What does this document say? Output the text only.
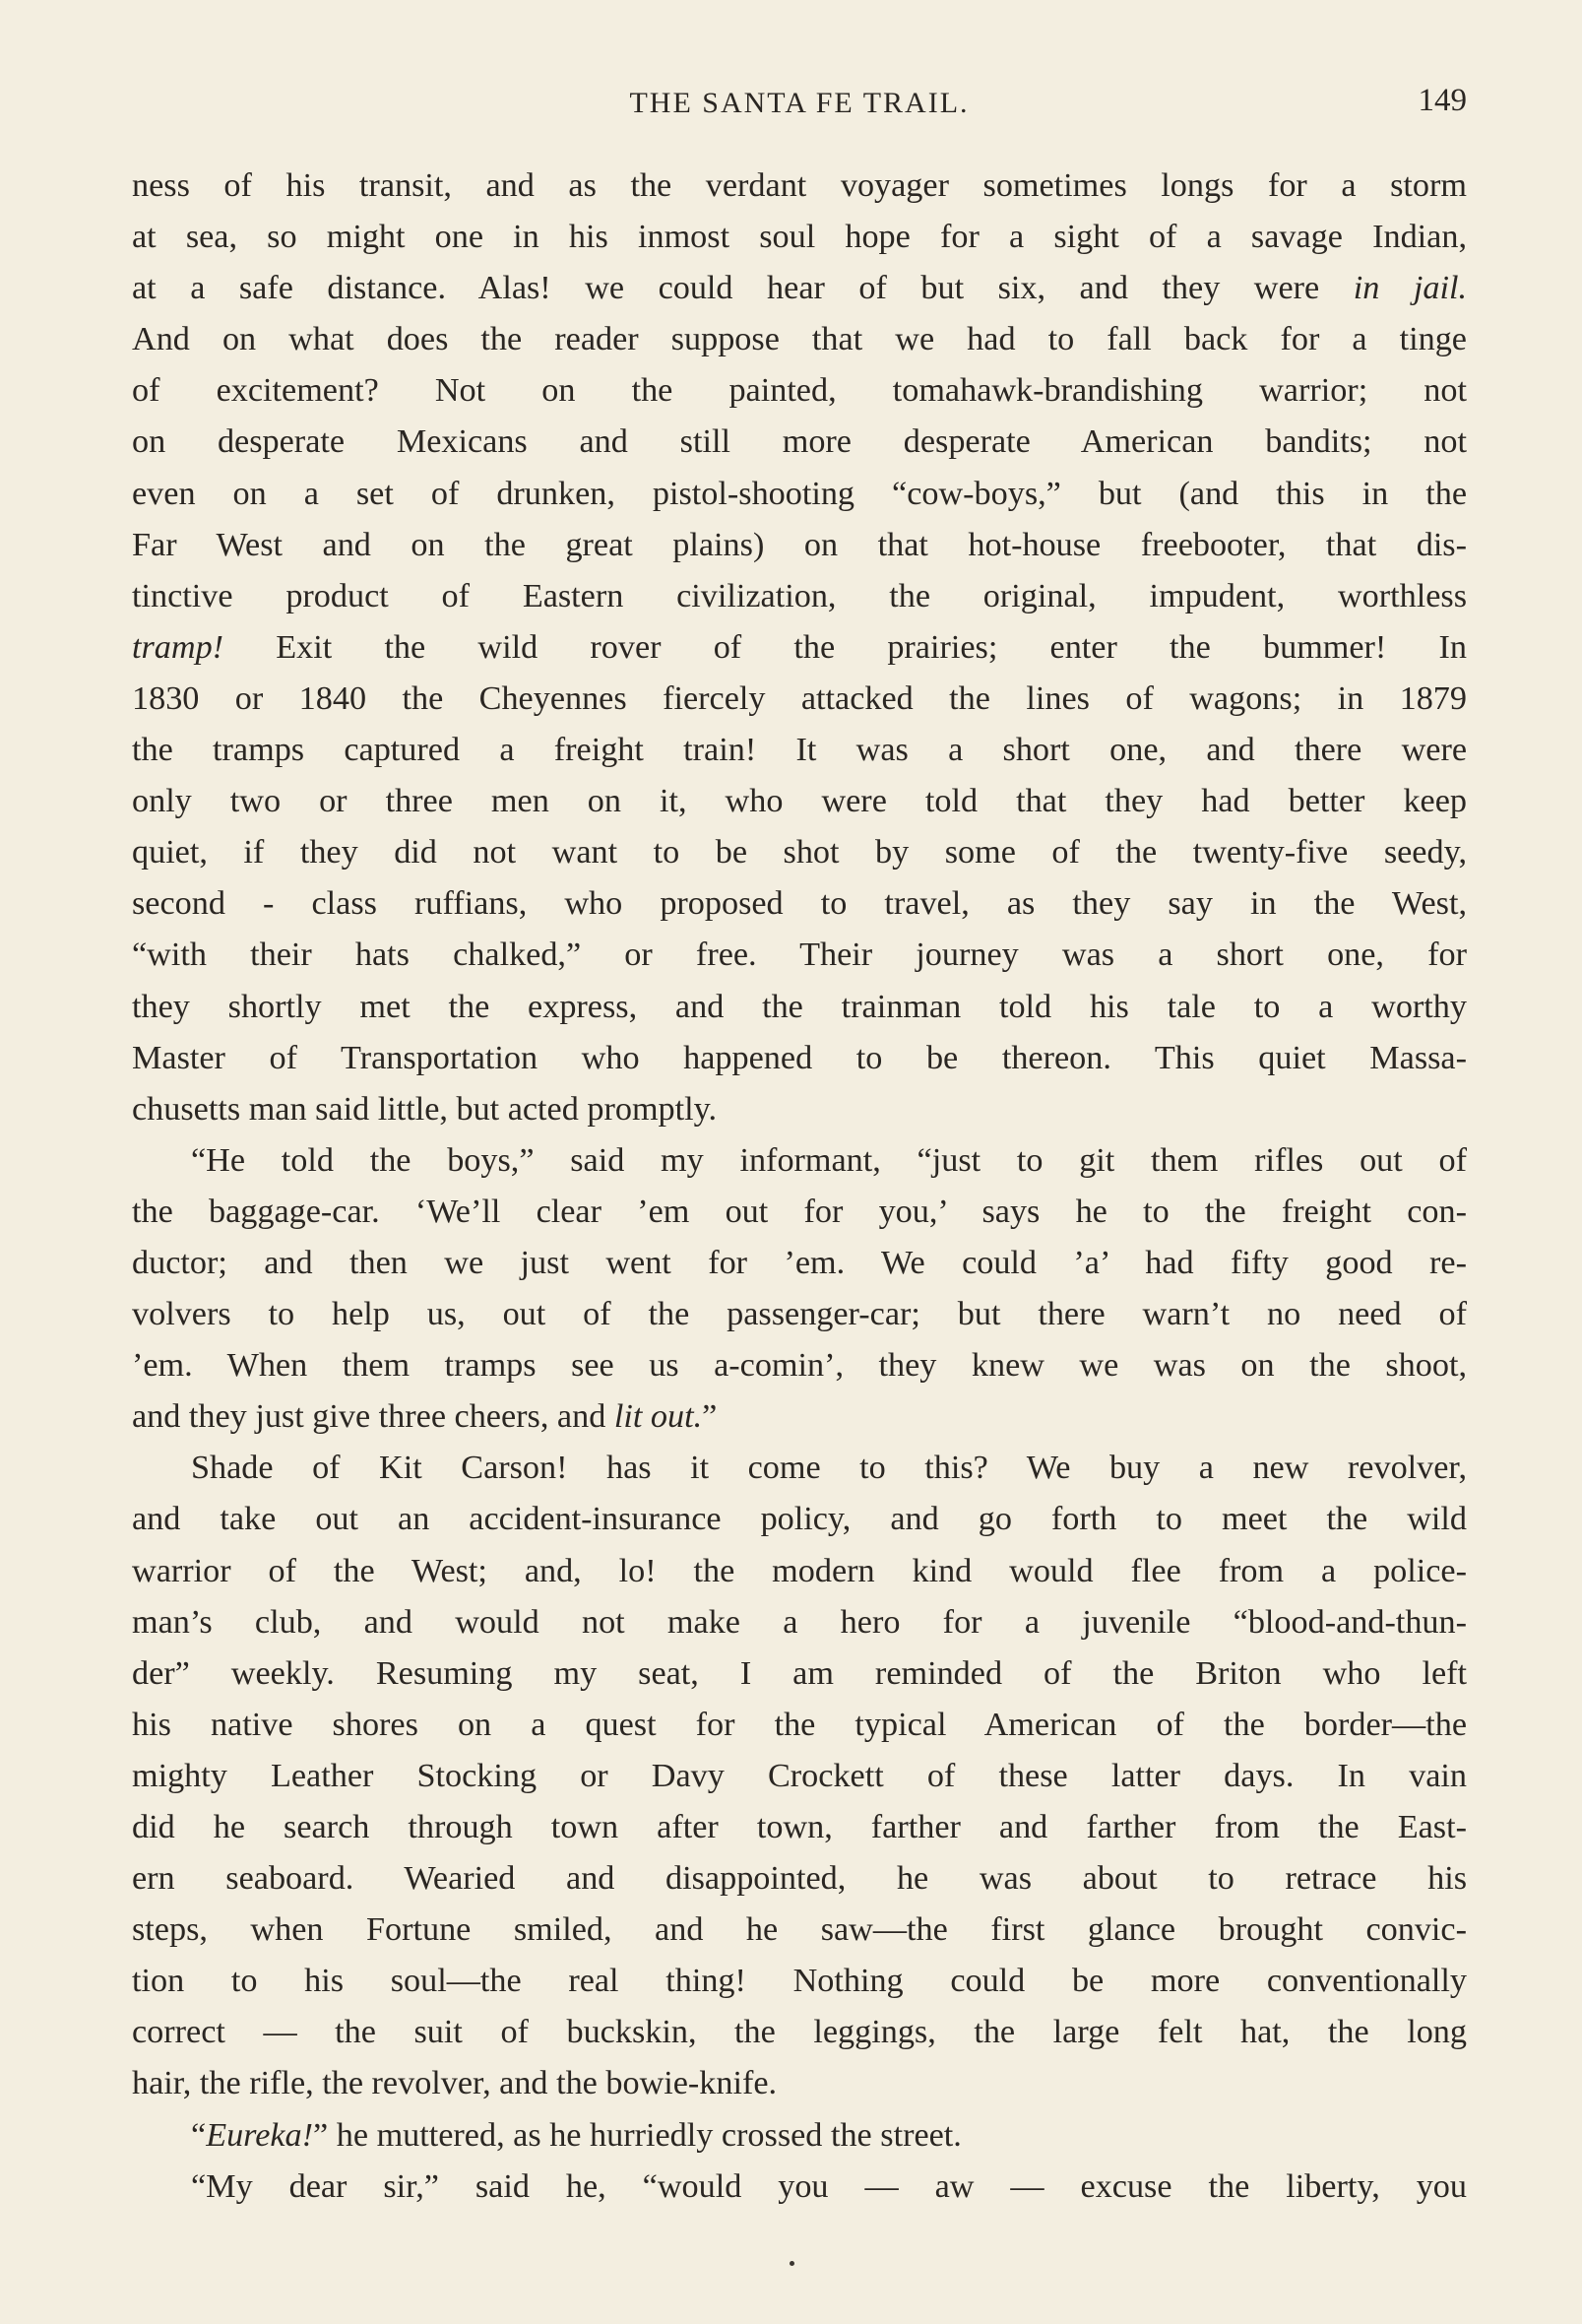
THE SANTA FE TRAIL.	149
ness of his transit, and as the verdant voyager sometimes longs for a storm
at sea, so might one in his inmost soul hope for a sight of a savage Indian,
at a safe distance. Alas! we could hear of but six, and they were in jail.
And on what does the reader suppose that we had to fall back for a tinge
of excitement? Not on the painted, tomahawk-brandishing warrior; not
on desperate Mexicans and still more desperate American bandits; not
even on a set of drunken, pistol-shooting “cow-boys,” but (and this in the
Far West and on the great plains) on that hot-house freebooter, that dis-
tinctive product of Eastern civilization, the original, impudent, worthless
tramp! Exit the wild rover of the prairies; enter the bummer! In
1830 or 1840 the Cheyennes fiercely attacked the lines of wagons; in 1879
the tramps captured a freight train! It was a short one, and there were
only two or three men on it, who were told that they had better keep
quiet, if they did not want to be shot by some of the twenty-five seedy,
second - class ruffians, who proposed to travel, as they say in the West,
“with their hats chalked,” or free. Their journey was a short one, for
they shortly met the express, and the trainman told his tale to a worthy
Master of Transportation who happened to be thereon. This quiet Massa-
chusetts man said little, but acted promptly.
“He told the boys,” said my informant, “just to git them rifles out of
the baggage-car. ‘We’ll clear ’em out for you,’ says he to the freight con-
ductor; and then we just went for ’em. We could ’a’ had fifty good re-
volvers to help us, out of the passenger-car; but there warn’t no need of
’em. When them tramps see us a-comin’, they knew we was on the shoot,
and they just give three cheers, and lit out.”
Shade of Kit Carson! has it come to this? We buy a new revolver,
and take out an accident-insurance policy, and go forth to meet the wild
warrior of the West; and, lo! the modern kind would flee from a police-
man’s club, and would not make a hero for a juvenile “blood-and-thun-
der” weekly. Resuming my seat, I am reminded of the Briton who left
his native shores on a quest for the typical American of the border—the
mighty Leather Stocking or Davy Crockett of these latter days. In vain
did he search through town after town, farther and farther from the East-
ern seaboard. Wearied and disappointed, he was about to retrace his
steps, when Fortune smiled, and he saw—the first glance brought convic-
tion to his soul—the real thing! Nothing could be more conventionally
correct — the suit of buckskin, the leggings, the large felt hat, the long
hair, the rifle, the revolver, and the bowie-knife.
“Eureka!” he muttered, as he hurriedly crossed the street.
“My dear sir,” said he, “would you — aw — excuse the liberty, you
